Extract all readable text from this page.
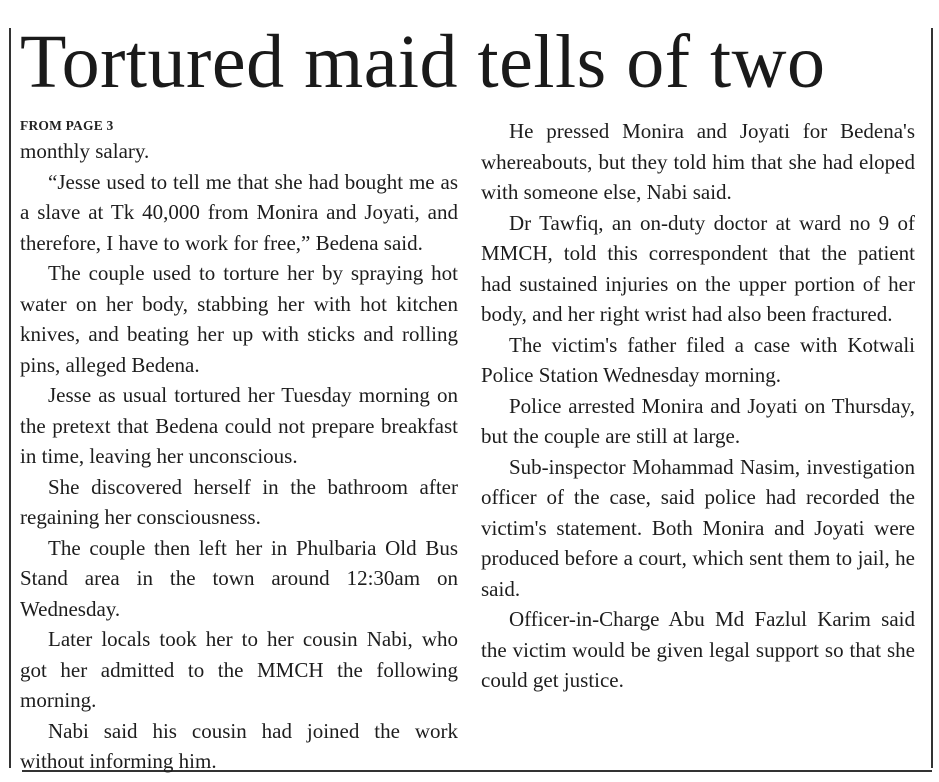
Tortured maid tells of two
FROM PAGE 3

monthly salary.

“Jesse used to tell me that she had bought me as a slave at Tk 40,000 from Monira and Joyati, and therefore, I have to work for free,” Bedena said.

The couple used to torture her by spraying hot water on her body, stabbing her with hot kitchen knives, and beating her up with sticks and rolling pins, alleged Bedena.

Jesse as usual tortured her Tuesday morning on the pretext that Bedena could not prepare breakfast in time, leaving her unconscious.

She discovered herself in the bathroom after regaining her consciousness.

The couple then left her in Phulbaria Old Bus Stand area in the town around 12:30am on Wednesday.

Later locals took her to her cousin Nabi, who got her admitted to the MMCH the following morning.

Nabi said his cousin had joined the work without informing him.

He pressed Monira and Joyati for Bedena's whereabouts, but they told him that she had eloped with someone else, Nabi said.

Dr Tawfiq, an on-duty doctor at ward no 9 of MMCH, told this correspondent that the patient had sustained injuries on the upper portion of her body, and her right wrist had also been fractured.

The victim's father filed a case with Kotwali Police Station Wednesday morning.

Police arrested Monira and Joyati on Thursday, but the couple are still at large.

Sub-inspector Mohammad Nasim, investigation officer of the case, said police had recorded the victim's statement. Both Monira and Joyati were produced before a court, which sent them to jail, he said.

Officer-in-Charge Abu Md Fazlul Karim said the victim would be given legal support so that she could get justice.
